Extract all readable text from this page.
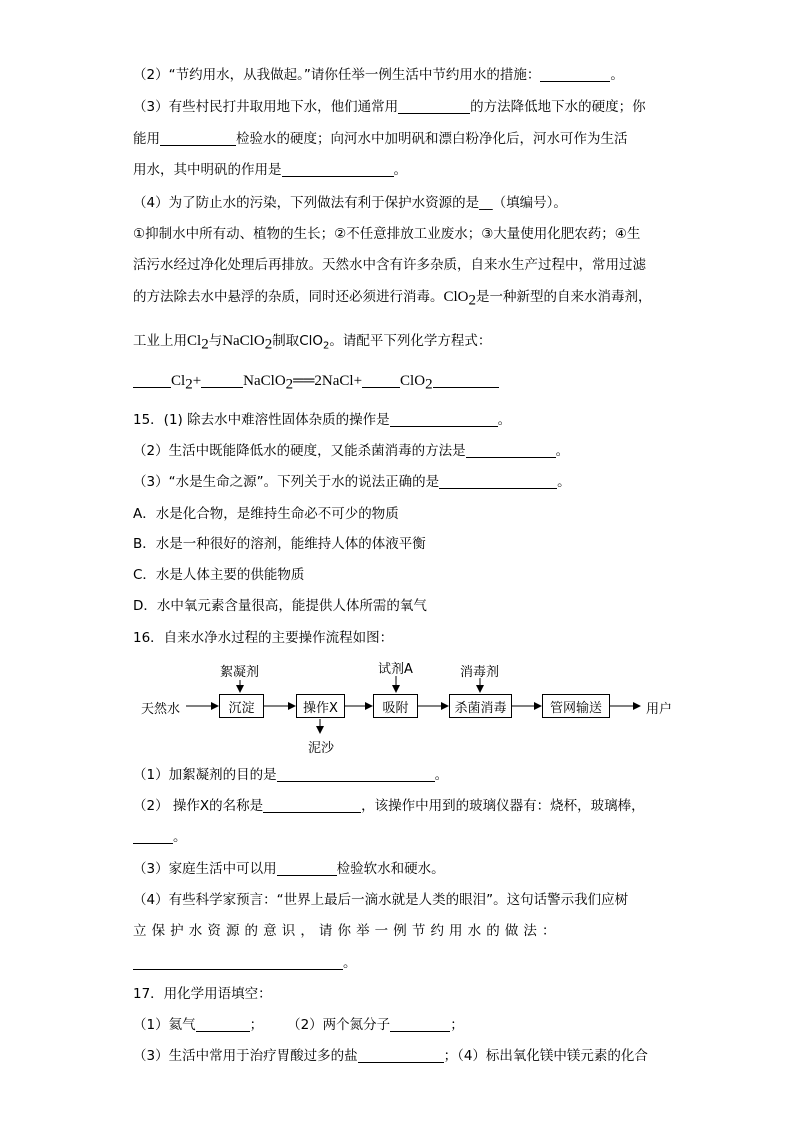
（2）“节约用水，从我做起。”请你任举一例生活中节约用水的措施：	。
（3）有些村民打井取用地下水，他们通常用	的方法降低地下水的硬度；你
能用	检验水的硬度；向河水中加明矾和漂白粉净化后，河水可作为生活
用水，其中明矾的作用是	。
（4）为了防止水的污染，下列做法有利于保护水资源的是__（填编号）。
①抑制水中所有动、植物的生长；②不任意排放工业废水；③大量使用化肥农药；④生
活污水经过净化处理后再排放。天然水中含有许多杂质，自来水生产过程中，常用过滤
的方法除去水中悬浮的杂质，同时还必须进行消毒。ClO$_2$是一种新型的自来水消毒剂，
工业上用$Cl_2$与NaClO$_2$制取ClO$_2$。请配平下列化学方程式：
$Cl_2+$	NaClO$_2$══2NaCl+	ClO$_2$
15．(1) 除去水中难溶性固体杂质的操作是	。
（2）生活中既能降低水的硬度，又能杀菌消毒的方法是	。
（3）“水是生命之源”。下列关于水的说法正确的是	。
A．水是化合物，是维持生命必不可少的物质
B．水是一种很好的溶剂，能维持人体的体液平衡
C．水是人体主要的供能物质
D．水中氧元素含量很高，能提供人体所需的氧气
16．自来水净水过程的主要操作流程如图：
天然水
絮凝剂
沉淀	操作X
泥沙
试剂A
吸附
消毒剂
杀菌消毒	管网输送	用户
（1）加絮凝剂的目的是	。
（2） 操作X的名称是	，该操作中用到的玻璃仪器有：烧杯，玻璃棒，
。
（3）家庭生活中可以用	检验软水和硬水。
（4）有些科学家预言：“世界上最后一滴水就是人类的眼泪”。这句话警示我们应树
立 保 护 水 资 源 的 意 识 ， 请 你 举 一 例 节 约 用 水 的 做 法 ：
。
17．用化学用语填空：
（1）氦气	； （2）两个氮分子	；
（3）生活中常用于治疗胃酸过多的盐	；（4）标出氧化镁中镁元素的化合
